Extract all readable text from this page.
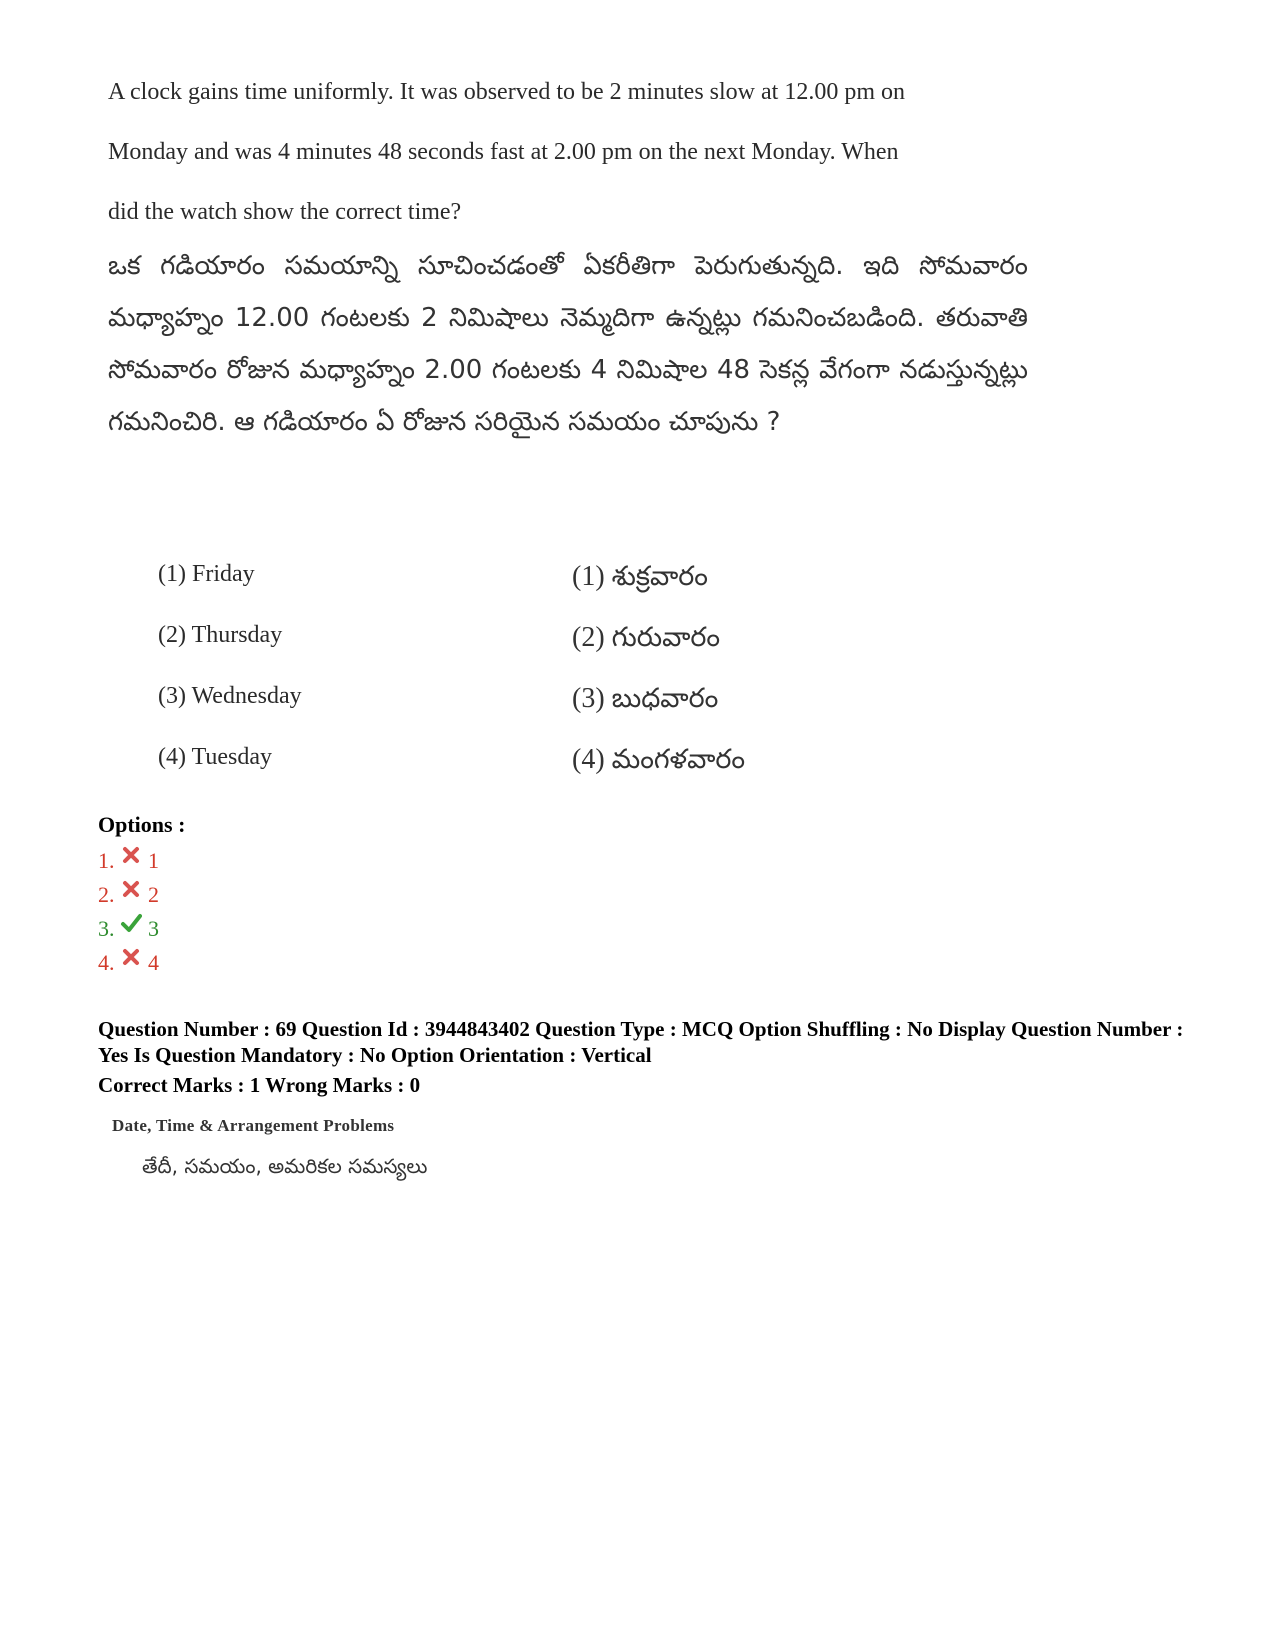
A clock gains time uniformly. It was observed to be 2 minutes slow at 12.00 pm on
Monday and was 4 minutes 48 seconds fast at 2.00 pm on the next Monday. When
did the watch show the correct time?
ఒక గడియారం సమయాన్ని సూచించడంతో ఏకరీతిగా పెరుగుతున్నది. ఇది సోమవారం మధ్యాహ్నం 12.00 గంటలకు 2 నిమిషాలు నెమ్మదిగా ఉన్నట్లు గమనించబడింది. తరువాతి సోమవారం రోజున మధ్యాహ్నం 2.00 గంటలకు 4 నిమిషాల 48 సెకన్ల వేగంగా నడుస్తున్నట్లు గమనించిరి. ఆ గడియారం ఏ రోజున సరియైన సమయం చూపును ?
(1) Friday
(2) Thursday
(3) Wednesday
(4) Tuesday
(1) శుక్రవారం
(2) గురువారం
(3) బుధవారం
(4) మంగళవారం
Options :
1. 1
2. 2
3. 3
4. 4
Question Number : 69 Question Id : 3944843402 Question Type : MCQ Option Shuffling : No Display Question Number : Yes Is Question Mandatory : No Option Orientation : Vertical
Correct Marks : 1 Wrong Marks : 0
Date, Time & Arrangement Problems
తేదీ, సమయం, అమరికల సమస్యలు
